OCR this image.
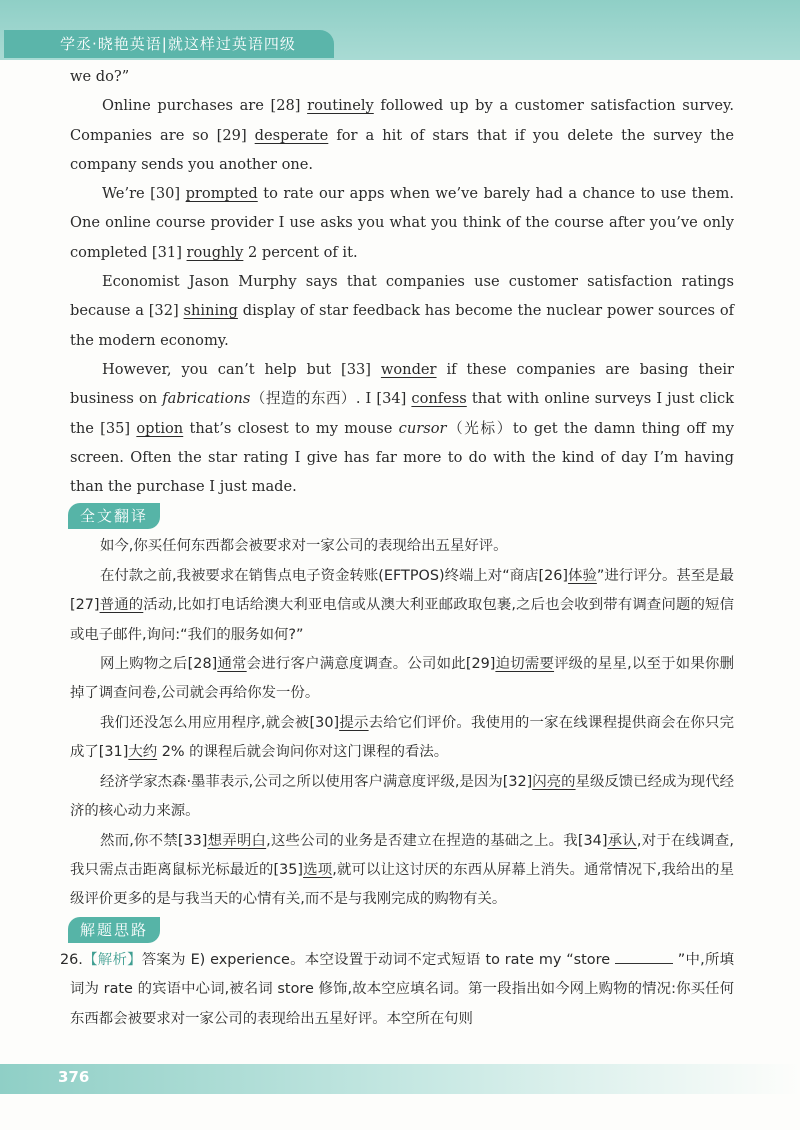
学丞·晓艳英语|就这样过英语四级

we do?”

Online purchases are [28] routinely followed up by a customer satisfaction survey. Companies are so [29] desperate for a hit of stars that if you delete the survey the company sends you another one.

We’re [30] prompted to rate our apps when we’ve barely had a chance to use them. One online course provider I use asks you what you think of the course after you’ve only completed [31] roughly 2 percent of it.

Economist Jason Murphy says that companies use customer satisfaction ratings because a [32] shining display of star feedback has become the nuclear power sources of the modern economy.

However, you can’t help but [33] wonder if these companies are basing their business on fabrications（捏造的东西）. I [34] confess that with online surveys I just click the [35] option that’s closest to my mouse cursor（光标）to get the damn thing off my screen. Often the star rating I give has far more to do with the kind of day I’m having than the purchase I just made.

全文翻译

如今,你买任何东西都会被要求对一家公司的表现给出五星好评。

在付款之前,我被要求在销售点电子资金转账(EFTPOS)终端上对“商店[26]体验”进行评分。甚至是最[27]普通的活动,比如打电话给澳大利亚电信或从澳大利亚邮政取包裹,之后也会收到带有调查问题的短信或电子邮件,询问:“我们的服务如何?”

网上购物之后[28]通常会进行客户满意度调查。公司如此[29]迫切需要评级的星星,以至于如果你删掉了调查问卷,公司就会再给你发一份。

我们还没怎么用应用程序,就会被[30]提示去给它们评价。我使用的一家在线课程提供商会在你只完成了[31]大约 2% 的课程后就会询问你对这门课程的看法。

经济学家杰森·墨菲表示,公司之所以使用客户满意度评级,是因为[32]闪亮的星级反馈已经成为现代经济的核心动力来源。

然而,你不禁[33]想弄明白,这些公司的业务是否建立在捏造的基础之上。我[34]承认,对于在线调查,我只需点击距离鼠标光标最近的[35]选项,就可以让这讨厌的东西从屏幕上消失。通常情况下,我给出的星级评价更多的是与我当天的心情有关,而不是与我刚完成的购物有关。

解题思路

26.【解析】答案为 E) experience。本空设置于动词不定式短语 to rate my “store	”中,所填词为 rate 的宾语中心词,被名词 store 修饰,故本空应填名词。第一段指出如今网上购物的情况:你买任何东西都会被要求对一家公司的表现给出五星好评。本空所在句则

376
